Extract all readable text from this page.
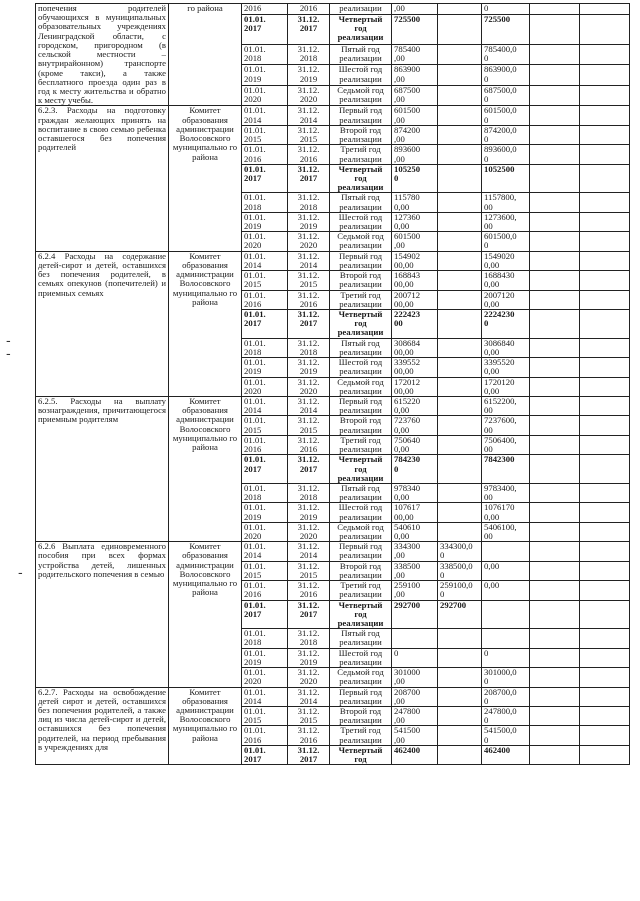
-
-
-
попечения родителей обучающихся в муниципальных образовательных учреждениях Ленинградской области, с городском, пригородном (в сельской местности – внутрирайонном) транспорте (кроме такси), а также бесплатного проезда один раз в год к месту жительства и обратно к месту учебы.	го района	2016	2016	реализации	,00		0		
		01.01.
2017	31.12.
2017	Четвертый
год
реализации	725500		725500		
		01.01.
2018	31.12.
2018	Пятый год
реализации	785400
,00		785400,0
0		
		01.01.
2019	31.12.
2019	Шестой год
реализации	863900
,00		863900,0
0		
		01.01.
2020	31.12.
2020	Седьмой год
реализации	687500
,00		687500,0
0		
6.2.3. Расходы на подготовку граждан желающих принять на воспитание в свою семью ребенка оставшегося без попечения родителей	Комитет образования администрации Волосовского муниципально го района	01.01.
2014	31.12.
2014	Первый год
реализации	601500
,00		601500,0
0		
		01.01.
2015	31.12.
2015	Второй год
реализации	874200
,00		874200,0
0		
		01.01.
2016	31.12.
2016	Третий год
реализации	893600
,00		893600,0
0		
		01.01.
2017	31.12.
2017	Четвертый
год
реализации	105250
0		1052500		
		01.01.
2018	31.12.
2018	Пятый год
реализации	115780
0,00		1157800,
00		
		01.01.
2019	31.12.
2019	Шестой год
реализации	127360
0,00		1273600,
00		
		01.01.
2020	31.12.
2020	Седьмой год
реализации	601500
,00		601500,0
0		
6.2.4 Расходы на содержание детей-сирот и детей, оставшихся без попечения родителей, в семьях опекунов (попечителей) и приемных семьях	Комитет образования администрации Волосовского муниципально го района	01.01.
2014	31.12.
2014	Первый год
реализации	154902
00,00		1549020
0,00		
		01.01.
2015	31.12.
2015	Второй год
реализации	168843
00,00		1688430
0,00		
		01.01.
2016	31.12.
2016	Третий год
реализации	200712
00,00		2007120
0,00		
		01.01.
2017	31.12.
2017	Четвертый
год
реализации	222423
00		2224230
0		
		01.01.
2018	31.12.
2018	Пятый год
реализации	308684
00,00		3086840
0,00		
		01.01.
2019	31.12.
2019	Шестой год
реализации	339552
00,00		3395520
0,00		
		01.01.
2020	31.12.
2020	Седьмой год
реализации	172012
00,00		1720120
0,00		
6.2.5. Расходы на выплату вознаграждения, причитающегося приемным родителям	Комитет образования администрации Волосовского муниципально го района	01.01.
2014	31.12.
2014	Первый год
реализации	615220
0,00		6152200,
00		
		01.01.
2015	31.12.
2015	Второй год
реализации	723760
0,00		7237600,
00		
		01.01.
2016	31.12.
2016	Третий год
реализации	750640
0,00		7506400,
00		
		01.01.
2017	31.12.
2017	Четвертый
год
реализации	784230
0		7842300		
		01.01.
2018	31.12.
2018	Пятый год
реализации	978340
0,00		9783400,
00		
		01.01.
2019	31.12.
2019	Шестой год
реализации	107617
00,00		1076170
0,00		
		01.01.
2020	31.12.
2020	Седьмой год
реализации	540610
0,00		5406100,
00		
6.2.6 Выплата единовременного пособия при всех формах устройства детей, лишенных родительского попечения в семью	Комитет образования администрации Волосовского муниципально го района	01.01.
2014	31.12.
2014	Первый год
реализации	334300
,00	334300,0
0			
		01.01.
2015	31.12.
2015	Второй год
реализации	338500
,00	338500,0
0	0,00		
		01.01.
2016	31.12.
2016	Третий год
реализации	259100
,00	259100,0
0	0,00		
		01.01.
2017	31.12.
2017	Четвертый
год
реализации	292700	292700			
		01.01.
2018	31.12.
2018	Пятый год
реализации					
		01.01.
2019	31.12.
2019	Шестой год
реализации	0		0		
		01.01.
2020	31.12.
2020	Седьмой год
реализации	301000
,00		301000,0
0		
6.2.7. Расходы на освобождение детей сирот и детей, оставшихся без попечения родителей, а также лиц из числа детей-сирот и детей, оставшихся без попечения родителей, на период пребывания в учреждениях для	Комитет образования администрации Волосовского муниципально го района	01.01.
2014	31.12.
2014	Первый год
реализации	208700
,00		208700,0
0		
		01.01.
2015	31.12.
2015	Второй год
реализации	247800
,00		247800,0
0		
		01.01.
2016	31.12.
2016	Третий год
реализации	541500
,00		541500,0
0		
		01.01.
2017	31.12.
2017	Четвертый
год	462400		462400		
